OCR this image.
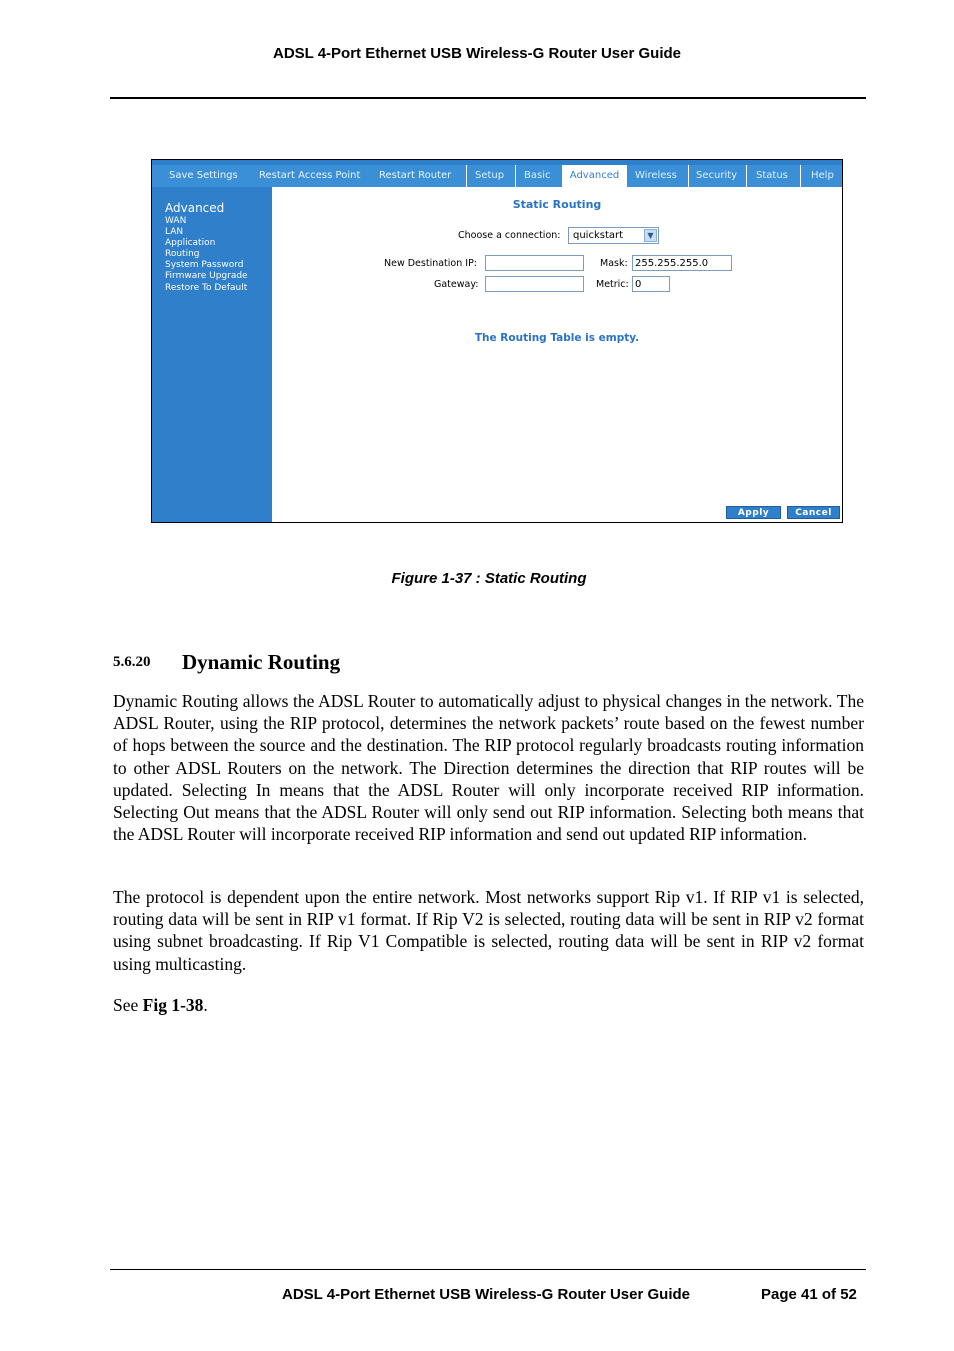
ADSL 4-Port Ethernet USB Wireless-G Router User Guide
Save Settings Restart Access Point Restart Router Setup Basic	Advanced	Wireless Security Status Help
Advanced
WAN
LAN
Application
Routing
System Password
Firmware Upgrade
Restore To Default
Static Routing
Choose a connection:	quickstart	▼
New Destination IP:	Mask: 255.255.255.0
Gateway:	Metric: 0
The Routing Table is empty.
Apply	Cancel
Figure 1-37 : Static Routing
5.6.20 Dynamic Routing
Dynamic Routing allows the ADSL Router to automatically adjust to physical changes in the network. The ADSL Router, using the RIP protocol, determines the network packets’ route based on the fewest number of hops between the source and the destination. The RIP protocol regularly broadcasts routing information to other ADSL Routers on the network. The Direction determines the direction that RIP routes will be updated. Selecting In means that the ADSL Router will only incorporate received RIP information. Selecting Out means that the ADSL Router will only send out RIP information. Selecting both means that the ADSL Router will incorporate received RIP information and send out updated RIP information.
The protocol is dependent upon the entire network. Most networks support Rip v1. If RIP v1 is selected, routing data will be sent in RIP v1 format. If Rip V2 is selected, routing data will be sent in RIP v2 format using subnet broadcasting. If Rip V1 Compatible is selected, routing data will be sent in RIP v2 format using multicasting.
See Fig 1-38.
ADSL 4-Port Ethernet USB Wireless-G Router User Guide	Page 41 of 52
